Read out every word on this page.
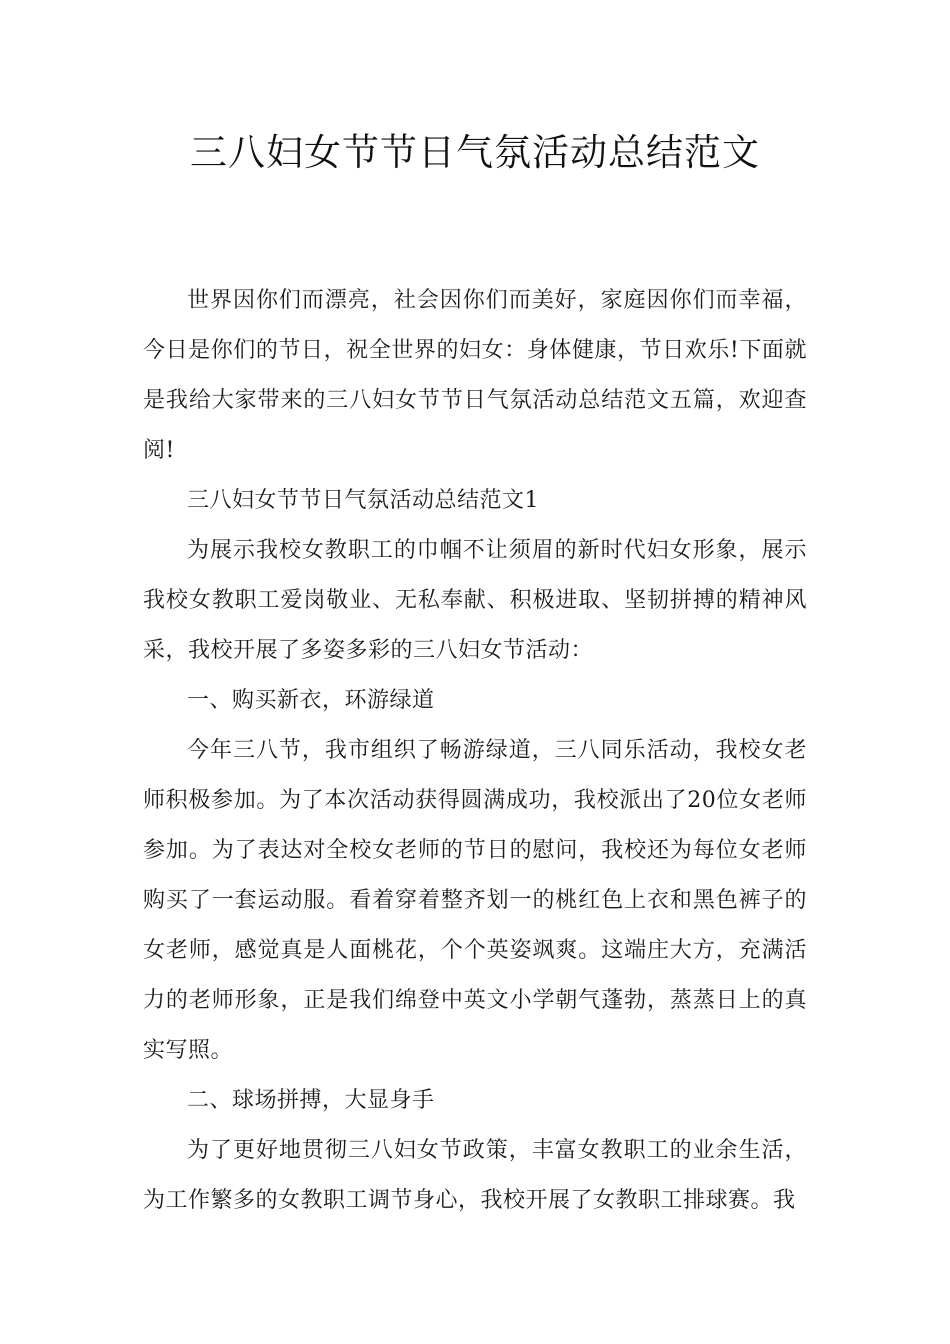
三八妇女节节日气氛活动总结范文

世界因你们而漂亮，社会因你们而美好，家庭因你们而幸福，今日是你们的节日，祝全世界的妇女：身体健康，节日欢乐!下面就是我给大家带来的三八妇女节节日气氛活动总结范文五篇，欢迎查阅!

三八妇女节节日气氛活动总结范文1

为展示我校女教职工的巾帼不让须眉的新时代妇女形象，展示我校女教职工爱岗敬业、无私奉献、积极进取、坚韧拼搏的精神风采，我校开展了多姿多彩的三八妇女节活动：

一、购买新衣，环游绿道

今年三八节，我市组织了畅游绿道，三八同乐活动，我校女老师积极参加。为了本次活动获得圆满成功，我校派出了20位女老师参加。为了表达对全校女老师的节日的慰问，我校还为每位女老师购买了一套运动服。看着穿着整齐划一的桃红色上衣和黑色裤子的女老师，感觉真是人面桃花，个个英姿飒爽。这端庄大方，充满活力的老师形象，正是我们绵登中英文小学朝气蓬勃，蒸蒸日上的真实写照。

二、球场拼搏，大显身手

为了更好地贯彻三八妇女节政策，丰富女教职工的业余生活，为工作繁多的女教职工调节身心，我校开展了女教职工排球赛。我
